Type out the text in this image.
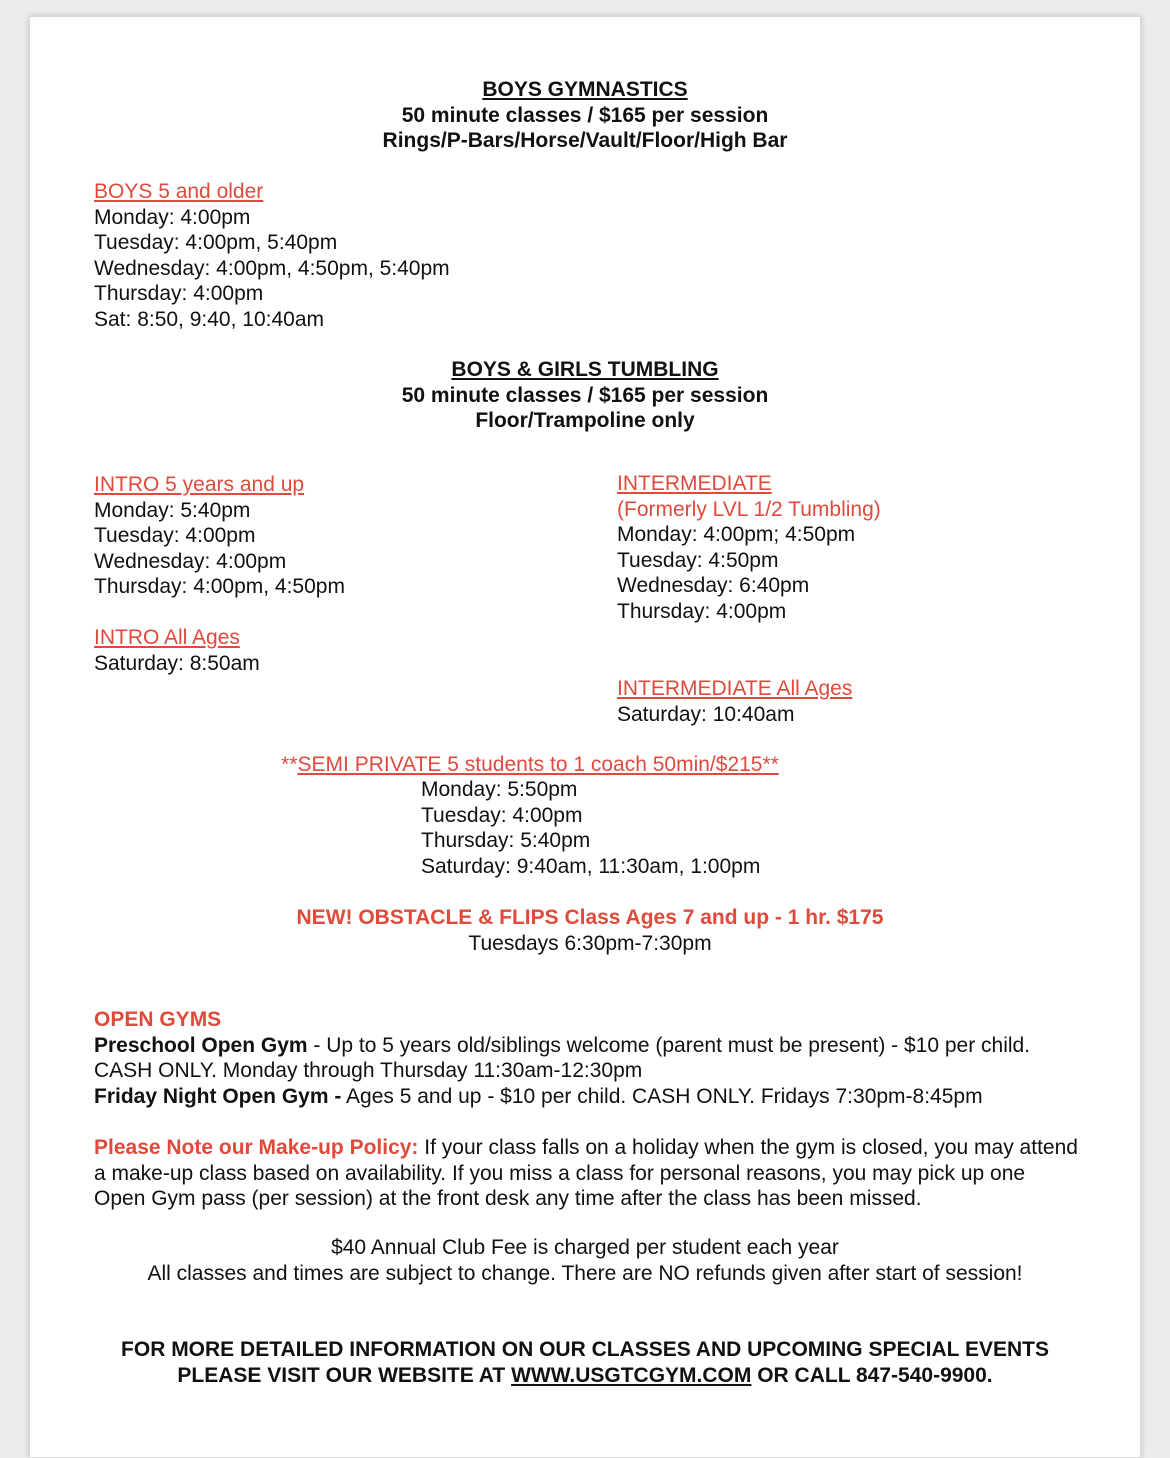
BOYS GYMNASTICS
50 minute classes / $165 per session
Rings/P-Bars/Horse/Vault/Floor/High Bar
BOYS 5 and older
Monday: 4:00pm
Tuesday: 4:00pm, 5:40pm
Wednesday: 4:00pm, 4:50pm, 5:40pm
Thursday: 4:00pm
Sat: 8:50, 9:40, 10:40am
BOYS & GIRLS TUMBLING
50 minute classes / $165 per session
Floor/Trampoline only
INTRO 5 years and up
Monday: 5:40pm
Tuesday: 4:00pm
Wednesday: 4:00pm
Thursday: 4:00pm, 4:50pm
INTRO All Ages
Saturday: 8:50am
INTERMEDIATE
(Formerly LVL 1/2 Tumbling)
Monday: 4:00pm; 4:50pm
Tuesday: 4:50pm
Wednesday: 6:40pm
Thursday: 4:00pm
INTERMEDIATE All Ages
Saturday: 10:40am
**SEMI PRIVATE 5 students to 1 coach 50min/$215**
Monday: 5:50pm
Tuesday: 4:00pm
Thursday: 5:40pm
Saturday: 9:40am, 11:30am, 1:00pm
NEW! OBSTACLE & FLIPS Class Ages 7 and up - 1 hr. $175
Tuesdays 6:30pm-7:30pm
OPEN GYMS
Preschool Open Gym - Up to 5 years old/siblings welcome (parent must be present) - $10 per child.
CASH ONLY. Monday through Thursday 11:30am-12:30pm
Friday Night Open Gym - Ages 5 and up - $10 per child. CASH ONLY. Fridays 7:30pm-8:45pm
Please Note our Make-up Policy: If your class falls on a holiday when the gym is closed, you may attend a make-up class based on availability. If you miss a class for personal reasons, you may pick up one Open Gym pass (per session) at the front desk any time after the class has been missed.
$40 Annual Club Fee is charged per student each year
All classes and times are subject to change. There are NO refunds given after start of session!
FOR MORE DETAILED INFORMATION ON OUR CLASSES AND UPCOMING SPECIAL EVENTS
PLEASE VISIT OUR WEBSITE AT WWW.USGTCGYM.COM OR CALL 847-540-9900.
